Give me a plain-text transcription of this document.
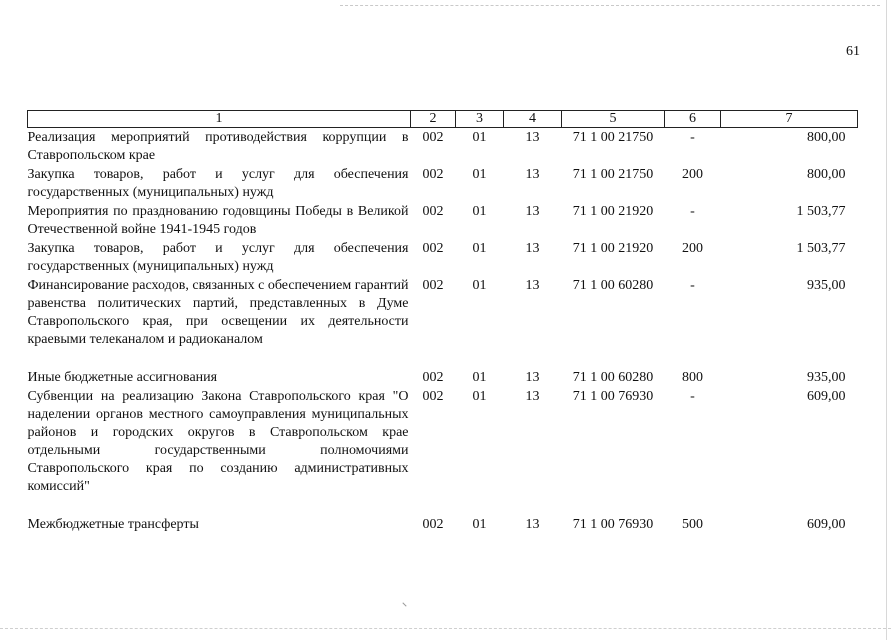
61
1	2	3	4	5	6	7
Реализация мероприятий противодействия коррупции в Ставропольском крае	002	01	13	71 1 00 21750	-	800,00
Закупка товаров, работ и услуг для обеспечения государственных (муниципальных) нужд	002	01	13	71 1 00 21750	200	800,00
Мероприятия по празднованию годовщины Победы в Великой Отечественной войне 1941-1945 годов	002	01	13	71 1 00 21920	-	1 503,77
Закупка товаров, работ и услуг для обеспечения государственных (муниципальных) нужд	002	01	13	71 1 00 21920	200	1 503,77
Финансирование расходов, связанных с обеспечением гарантий равенства политических партий, представленных в Думе Ставропольского края, при освещении их деятельности краевыми телеканалом и радиоканалом	002	01	13	71 1 00 60280	-	935,00

Иные бюджетные ассигнования	002	01	13	71 1 00 60280	800	935,00
Субвенции на реализацию Закона Ставропольского края "О наделении органов местного самоуправления муниципальных районов и городских округов в Ставропольском крае отдельными государственными полномочиями Ставропольского края по созданию административных комиссий"	002	01	13	71 1 00 76930	-	609,00

Межбюджетные трансферты	002	01	13	71 1 00 76930	500	609,00
